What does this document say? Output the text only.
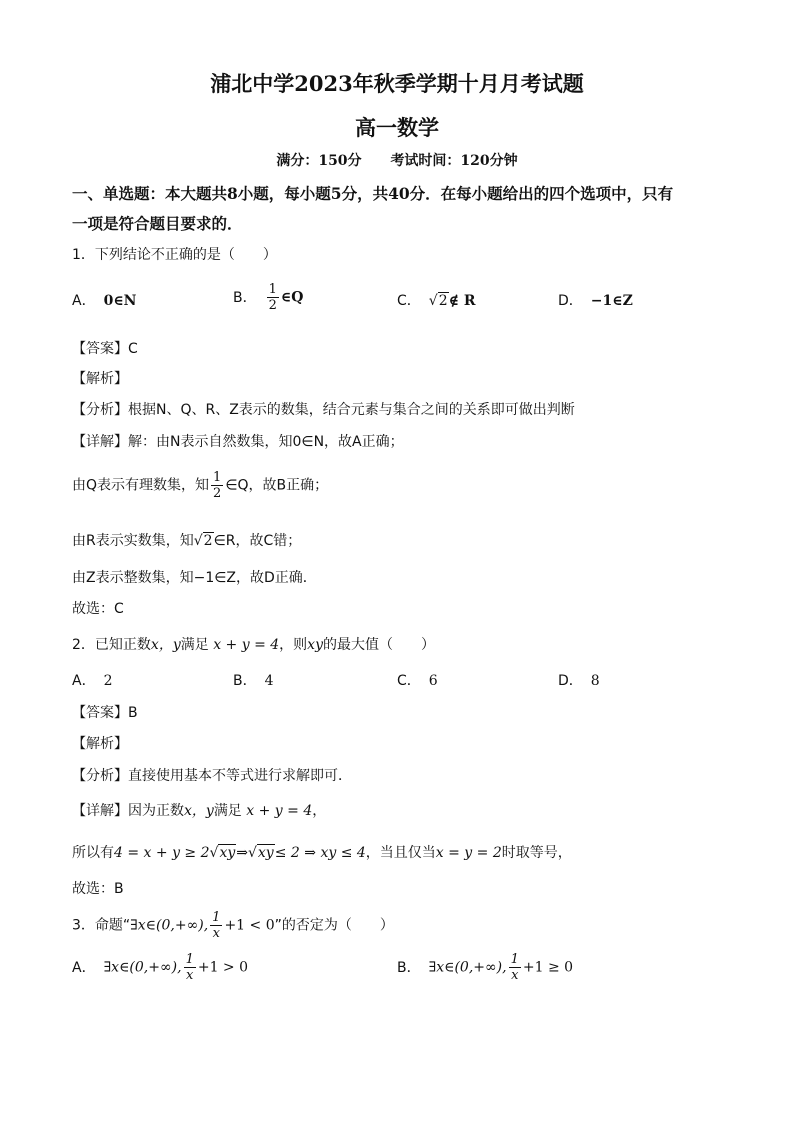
浦北中学2023年秋季学期十月月考试题
高一数学
满分：150分 考试时间：120分钟
一、单选题：本大题共8小题，每小题5分，共40分．在每小题给出的四个选项中，只有
一项是符合题目要求的．
1．下列结论不正确的是（　　）
A． 0∈N	B． $\frac{1}{2}$ ∈Q	C． √2∉ R	D． −1∈Z
【答案】C
【解析】
【分析】根据N、Q、R、Z表示的数集，结合元素与集合之间的关系即可做出判断
【详解】解：由N表示自然数集，知0∈N，故A正确；
由Q表示有理数集，知 $\frac{1}{2}$ ∈Q，故B正确；
由R表示实数集，知√2∈R，故C错；
由Z表示整数集，知−1∈Z，故D正确．
故选：C
2．已知正数x，y满足 x + y = 4，则xy的最大值（　　）
A． 2	B． 4	C． 6	D． 8
【答案】B
【解析】
【分析】直接使用基本不等式进行求解即可．
【详解】因为正数x，y满足 x + y = 4，
所以有4 = x + y ≥ 2√xy⇒√xy≤ 2 ⇒ xy ≤ 4，当且仅当x = y = 2时取等号，
故选：B
3．命题“∃x∈(0,+∞), $\frac{1}{x} +1 < 0$”的否定为（　　）
A． ∃x∈(0,+∞), $\frac{1}{x} +1 > 0$	B． ∃x∈(0,+∞), $\frac{1}{x} +1 \ge 0$
